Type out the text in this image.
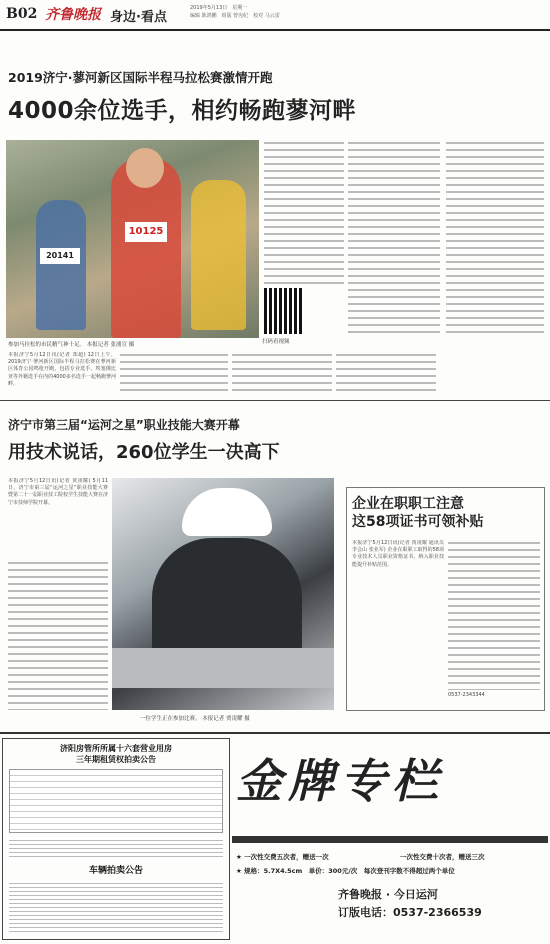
B02 齐鲁晚报 身边·看点
2019年5月13日　星期一
编辑 陈鸿鹏　组版 曾宪纪　校对 马云雷
2019济宁·蓼河新区国际半程马拉松赛激情开跑
4000余位选手，相约畅跑蓼河畔
10125
20141
参加马拉松的市民精气神十足。 本报记者 张浦宣 摄	扫码看视频
本报济宁5月12日讯(记者 郑超) 12日上午，2019济宁·蓼河新区国际半程马拉松赛在蓼河新区体育公园鸣枪开跑，包括专业选手、埃塞俄比亚等外籍选手在内的4000多名选手一起畅跑蓼河畔。
济宁市第三届“运河之星”职业技能大赛开幕
用技术说话，260位学生一决高下
本报济宁5月12日讯(记者 贾凌耀) 5月11日，济宁市第三届“运河之星”职业技能大赛暨第二十一届职业技工院校学生技能大赛在济宁市技师学院开幕。
一位学生正在参加比赛。 本报记者 贾凌耀 摄
企业在职职工注意
这58项证书可领补贴
本报济宁5月12日讯(记者 贾凌耀 通讯员 李会山 张业军) 企业在职职工取得的58项专业技术人员职业资格证书，纳入职业技能提升补贴范围。
0537-2343344
济阳房管所所属十六套营业用房
三年期租赁权拍卖公告
车辆拍卖公告
金牌专栏
★ 一次性交费五次者，赠送一次	一次性交费十次者，赠送三次
★ 规格：5.7X4.5cm　单价：300元/次　每次登刊字数不得超过两个单位
齐鲁晚报 · 今日运河
订版电话：0537-2366539
